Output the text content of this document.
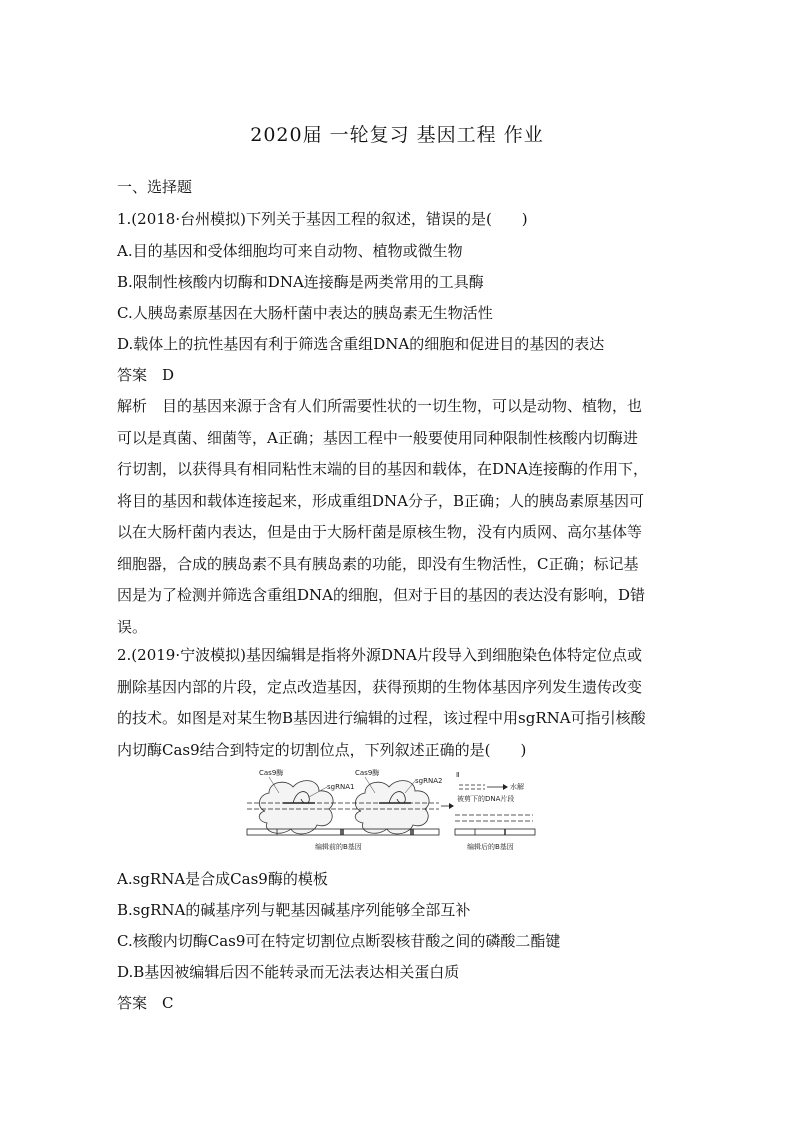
2020届 一轮复习 基因工程 作业
一、选择题
1.(2018·台州模拟)下列关于基因工程的叙述，错误的是(　　)
A.目的基因和受体细胞均可来自动物、植物或微生物
B.限制性核酸内切酶和DNA连接酶是两类常用的工具酶
C.人胰岛素原基因在大肠杆菌中表达的胰岛素无生物活性
D.载体上的抗性基因有利于筛选含重组DNA的细胞和促进目的基因的表达
答案　D
解析　目的基因来源于含有人们所需要性状的一切生物，可以是动物、植物，也
可以是真菌、细菌等，A正确；基因工程中一般要使用同种限制性核酸内切酶进
行切割，以获得具有相同粘性末端的目的基因和载体，在DNA连接酶的作用下，
将目的基因和载体连接起来，形成重组DNA分子，B正确；人的胰岛素原基因可
以在大肠杆菌内表达，但是由于大肠杆菌是原核生物，没有内质网、高尔基体等
细胞器，合成的胰岛素不具有胰岛素的功能，即没有生物活性，C正确；标记基
因是为了检测并筛选含重组DNA的细胞，但对于目的基因的表达没有影响，D错
误。
2.(2019·宁波模拟)基因编辑是指将外源DNA片段导入到细胞染色体特定位点或
删除基因内部的片段，定点改造基因，获得预期的生物体基因序列发生遗传改变
的技术。如图是对某生物B基因进行编辑的过程，该过程中用sgRNA可指引核酸
内切酶Cas9结合到特定的切割位点，下列叙述正确的是(　　)
Cas9酶	Cas9酶
sgRNA1
sgRNA2
Ⅱ
水解
被剪下的DNA片段
编辑前的B基因	编辑后的B基因
A.sgRNA是合成Cas9酶的模板
B.sgRNA的碱基序列与靶基因碱基序列能够全部互补
C.核酸内切酶Cas9可在特定切割位点断裂核苷酸之间的磷酸二酯键
D.B基因被编辑后因不能转录而无法表达相关蛋白质
答案　C
